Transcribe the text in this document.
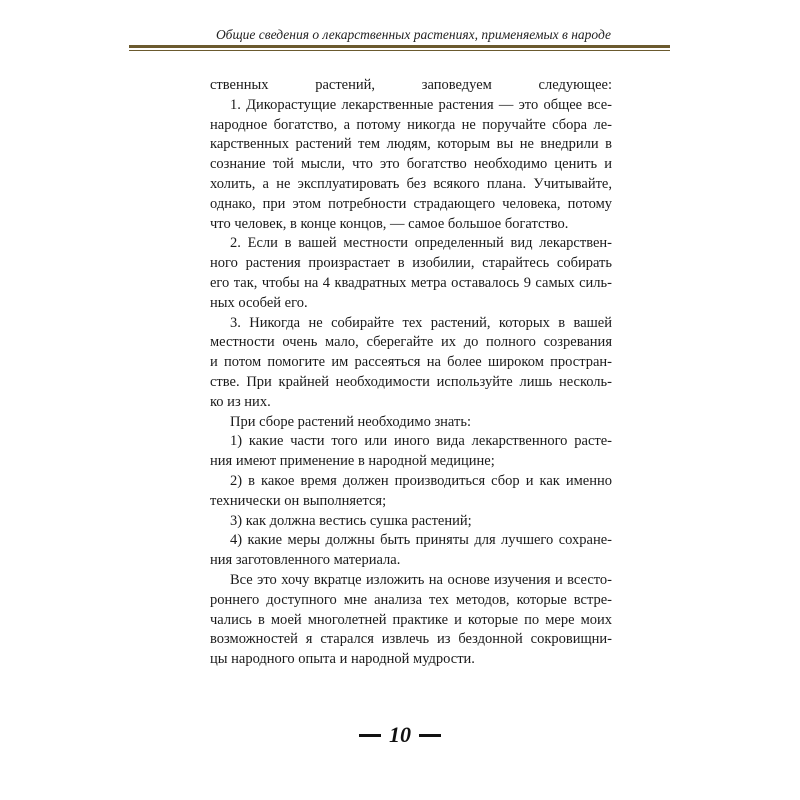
Общие сведения о лекарственных растениях, применяемых в народе
ственных растений, заповедуем следующее:
1. Дикорастущие лекарственные растения — это общее все-
народное богатство, а потому никогда не поручайте сбора ле-
карственных растений тем людям, которым вы не внедрили в
сознание той мысли, что это богатство необходимо ценить и
холить, а не эксплуатировать без всякого плана. Учитывайте,
однако, при этом потребности страдающего человека, потому
что человек, в конце концов, — самое большое богатство.
2. Если в вашей местности определенный вид лекарствен-
ного растения произрастает в изобилии, старайтесь собирать
его так, чтобы на 4 квадратных метра оставалось 9 самых силь-
ных особей его.
3. Никогда не собирайте тех растений, которых в вашей
местности очень мало, сберегайте их до полного созревания
и потом помогите им рассеяться на более широком простран-
стве. При крайней необходимости используйте лишь несколь-
ко из них.
При сборе растений необходимо знать:
1) какие части того или иного вида лекарственного расте-
ния имеют применение в народной медицине;
2) в какое время должен производиться сбор и как именно
технически он выполняется;
3) как должна вестись сушка растений;
4) какие меры должны быть приняты для лучшего сохране-
ния заготовленного материала.
Все это хочу вкратце изложить на основе изучения и всесто-
роннего доступного мне анализа тех методов, которые встре-
чались в моей многолетней практике и которые по мере моих
возможностей я старался извлечь из бездонной сокровищни-
цы народного опыта и народной мудрости.
10
